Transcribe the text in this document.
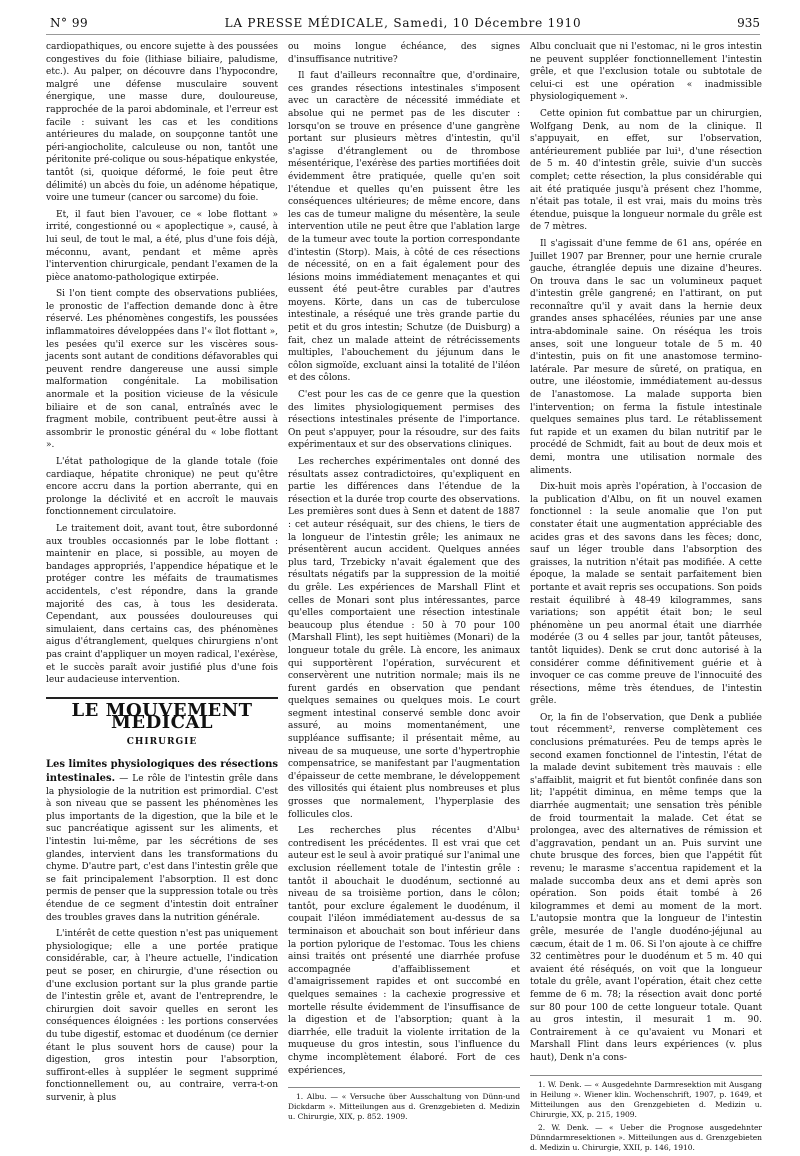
N° 99	LA PRESSE MÉDICALE, Samedi, 10 Décembre 1910	935

cardiopathiques, ou encore sujette à des poussées congestives du foie (lithiase biliaire, paludisme, etc.). Au palper, on découvre dans l'hypocondre, malgré une défense musculaire souvent énergique, une masse dure, douloureuse, rapprochée de la paroi abdominale, et l'erreur est facile : suivant les cas et les conditions antérieures du malade, on soupçonne tantôt une péri-angiocholite, calculeuse ou non, tantôt une péritonite pré-colique ou sous-hépatique enkystée, tantôt (si, quoique déformé, le foie peut être délimité) un abcès du foie, un adénome hépatique, voire une tumeur (cancer ou sarcome) du foie.

Et, il faut bien l'avouer, ce « lobe flottant » irrité, congestionné ou « apoplectique », causé, à lui seul, de tout le mal, a été, plus d'une fois déjà, méconnu, avant, pendant et même après l'intervention chirurgicale, pendant l'examen de la pièce anatomo-pathologique extirpée.

Si l'on tient compte des observations publiées, le pronostic de l'affection demande donc à être réservé. Les phénomènes congestifs, les poussées inflammatoires développées dans l'« îlot flottant », les pesées qu'il exerce sur les viscères sous-jacents sont autant de conditions défavorables qui peuvent rendre dangereuse une aussi simple malformation congénitale. La mobilisation anormale et la position vicieuse de la vésicule biliaire et de son canal, entraînés avec le fragment mobile, contribuent peut-être aussi à assombrir le pronostic général du « lobe flottant ».

L'état pathologique de la glande totale (foie cardiaque, hépatite chronique) ne peut qu'être encore accru dans la portion aberrante, qui en prolonge la déclivité et en accroît le mauvais fonctionnement circulatoire.

Le traitement doit, avant tout, être subordonné aux troubles occasionnés par le lobe flottant : maintenir en place, si possible, au moyen de bandages appropriés, l'appendice hépatique et le protéger contre les méfaits de traumatismes accidentels, c'est répondre, dans la grande majorité des cas, à tous les desiderata. Cependant, aux poussées douloureuses qui simulaient, dans certains cas, des phénomènes aigus d'étranglement, quelques chirurgiens n'ont pas craint d'appliquer un moyen radical, l'exérèse, et le succès paraît avoir justifié plus d'une fois leur audacieuse intervention.

LE MOUVEMENT MÉDICAL
CHIRURGIE

Les limites physiologiques des résections intestinales. — Le rôle de l'intestin grêle dans la physiologie de la nutrition est primordial. C'est à son niveau que se passent les phénomènes les plus importants de la digestion, que la bile et le suc pancréatique agissent sur les aliments, et l'intestin lui-même, par les sécrétions de ses glandes, intervient dans les transformations du chyme. D'autre part, c'est dans l'intestin grêle que se fait principalement l'absorption. Il est donc permis de penser que la suppression totale ou très étendue de ce segment d'intestin doit entraîner des troubles graves dans la nutrition générale.

L'intérêt de cette question n'est pas uniquement physiologique; elle a une portée pratique considérable, car, à l'heure actuelle, l'indication peut se poser, en chirurgie, d'une résection ou d'une exclusion portant sur la plus grande partie de l'intestin grêle et, avant de l'entreprendre, le chirurgien doit savoir quelles en seront les conséquences éloignées : les portions conservées du tube digestif, estomac et duodénum (ce dernier étant le plus souvent hors de cause) pour la digestion, gros intestin pour l'absorption, suffiront-elles à suppléer le segment supprimé fonctionnellement ou, au contraire, verra-t-on survenir, à plus

ou moins longue échéance, des signes d'insuffisance nutritive?

Il faut d'ailleurs reconnaître que, d'ordinaire, ces grandes résections intestinales s'imposent avec un caractère de nécessité immédiate et absolue qui ne permet pas de les discuter : lorsqu'on se trouve en présence d'une gangrène portant sur plusieurs mètres d'intestin, qu'il s'agisse d'étranglement ou de thrombose mésentérique, l'exérèse des parties mortifiées doit évidemment être pratiquée, quelle qu'en soit l'étendue et quelles qu'en puissent être les conséquences ultérieures; de même encore, dans les cas de tumeur maligne du mésentère, la seule intervention utile ne peut être que l'ablation large de la tumeur avec toute la portion correspondante d'intestin (Storp). Mais, à côté de ces résections de nécessité, on en a fait également pour des lésions moins immédiatement menaçantes et qui eussent été peut-être curables par d'autres moyens. Körte, dans un cas de tuberculose intestinale, a réséqué une très grande partie du petit et du gros intestin; Schutze (de Duisburg) a fait, chez un malade atteint de rétrécissements multiples, l'abouchement du jéjunum dans le côlon sigmoïde, excluant ainsi la totalité de l'iléon et des côlons.

C'est pour les cas de ce genre que la question des limites physiologiquement permises des résections intestinales présente de l'importance. On peut s'appuyer, pour la résoudre, sur des faits expérimentaux et sur des observations cliniques.

Les recherches expérimentales ont donné des résultats assez contradictoires, qu'expliquent en partie les différences dans l'étendue de la résection et la durée trop courte des observations. Les premières sont dues à Senn et datent de 1887 : cet auteur réséquait, sur des chiens, le tiers de la longueur de l'intestin grêle; les animaux ne présentèrent aucun accident. Quelques années plus tard, Trzebicky n'avait également que des résultats négatifs par la suppression de la moitié du grêle. Les expériences de Marshall Flint et celles de Monari sont plus intéressantes, parce qu'elles comportaient une résection intestinale beaucoup plus étendue : 50 à 70 pour 100 (Marshall Flint), les sept huitièmes (Monari) de la longueur totale du grêle. Là encore, les animaux qui supportèrent l'opération, survécurent et conservèrent une nutrition normale; mais ils ne furent gardés en observation que pendant quelques semaines ou quelques mois. Le court segment intestinal conservé semble donc avoir assuré, au moins momentanément, une suppléance suffisante; il présentait même, au niveau de sa muqueuse, une sorte d'hypertrophie compensatrice, se manifestant par l'augmentation d'épaisseur de cette membrane, le développement des villosités qui étaient plus nombreuses et plus grosses que normalement, l'hyperplasie des follicules clos.

Les recherches plus récentes d'Albu¹ contredisent les précédentes. Il est vrai que cet auteur est le seul à avoir pratiqué sur l'animal une exclusion réellement totale de l'intestin grêle : tantôt il abouchait le duodénum, sectionné au niveau de sa troisième portion, dans le côlon; tantôt, pour exclure également le duodénum, il coupait l'iléon immédiatement au-dessus de sa terminaison et abouchait son bout inférieur dans la portion pylorique de l'estomac. Tous les chiens ainsi traités ont présenté une diarrhée profuse accompagnée d'affaiblissement et d'amaigrissement rapides et ont succombé en quelques semaines : la cachexie progressive et mortelle résulte évidemment de l'insuffisance de la digestion et de l'absorption; quant à la diarrhée, elle traduit la violente irritation de la muqueuse du gros intestin, sous l'influence du chyme incomplètement élaboré. Fort de ces expériences,

1. Albu. — « Versuche über Ausschaltung von Dünn-und Dickdarm ». Mitteilungen aus d. Grenzgebieten d. Medizin u. Chirurgie, XIX, p. 852. 1909.

Albu concluait que ni l'estomac, ni le gros intestin ne peuvent suppléer fonctionnellement l'intestin grêle, et que l'exclusion totale ou subtotale de celui-ci est une opération « inadmissible physiologiquement ».

Cette opinion fut combattue par un chirurgien, Wolfgang Denk, au nom de la clinique. Il s'appuyait, en effet, sur l'observation, antérieurement publiée par lui¹, d'une résection de 5 m. 40 d'intestin grêle, suivie d'un succès complet; cette résection, la plus considérable qui ait été pratiquée jusqu'à présent chez l'homme, n'était pas totale, il est vrai, mais du moins très étendue, puisque la longueur normale du grêle est de 7 mètres.

Il s'agissait d'une femme de 61 ans, opérée en Juillet 1907 par Brenner, pour une hernie crurale gauche, étranglée depuis une dizaine d'heures. On trouva dans le sac un volumineux paquet d'intestin grêle gangrené; en l'attirant, on put reconnaître qu'il y avait dans la hernie deux grandes anses sphacélées, réunies par une anse intra-abdominale saine. On réséqua les trois anses, soit une longueur totale de 5 m. 40 d'intestin, puis on fit une anastomose termino-latérale. Par mesure de sûreté, on pratiqua, en outre, une iléostomie, immédiatement au-dessus de l'anastomose. La malade supporta bien l'intervention; on ferma la fistule intestinale quelques semaines plus tard. Le rétablissement fut rapide et un examen du bilan nutritif par le procédé de Schmidt, fait au bout de deux mois et demi, montra une utilisation normale des aliments.

Dix-huit mois après l'opération, à l'occasion de la publication d'Albu, on fit un nouvel examen fonctionnel : la seule anomalie que l'on put constater était une augmentation appréciable des acides gras et des savons dans les fèces; donc, sauf un léger trouble dans l'absorption des graisses, la nutrition n'était pas modifiée. A cette époque, la malade se sentait parfaitement bien portante et avait repris ses occupations. Son poids restait équilibré à 48-49 kilogrammes, sans variations; son appétit était bon; le seul phénomène un peu anormal était une diarrhée modérée (3 ou 4 selles par jour, tantôt pâteuses, tantôt liquides). Denk se crut donc autorisé à la considérer comme définitivement guérie et à invoquer ce cas comme preuve de l'innocuité des résections, même très étendues, de l'intestin grêle.

Or, la fin de l'observation, que Denk a publiée tout récemment², renverse complètement ces conclusions prématurées. Peu de temps après le second examen fonctionnel de l'intestin, l'état de la malade devint subitement très mauvais : elle s'affaiblit, maigrit et fut bientôt confinée dans son lit; l'appétit diminua, en même temps que la diarrhée augmentait; une sensation très pénible de froid tourmentait la malade. Cet état se prolongea, avec des alternatives de rémission et d'aggravation, pendant un an. Puis survint une chute brusque des forces, bien que l'appétit fût revenu; le marasme s'accentua rapidement et la malade succomba deux ans et demi après son opération. Son poids était tombé à 26 kilogrammes et demi au moment de la mort. L'autopsie montra que la longueur de l'intestin grêle, mesurée de l'angle duodéno-jéjunal au cæcum, était de 1 m. 06. Si l'on ajoute à ce chiffre 32 centimètres pour le duodénum et 5 m. 40 qui avaient été réséqués, on voit que la longueur totale du grêle, avant l'opération, était chez cette femme de 6 m. 78; la résection avait donc porté sur 80 pour 100 de cette longueur totale. Quant au gros intestin, il mesurait 1 m. 90. Contrairement à ce qu'avaient vu Monari et Marshall Flint dans leurs expériences (v. plus haut), Denk n'a cons-

1. W. Denk. — « Ausgedehnte Darmresektion mit Ausgang in Heilung ». Wiener klin. Wochenschrift, 1907, p. 1649, et Mitteilungen aus den Grenzgebieten d. Medizin u. Chirurgie, XX, p. 215, 1909.

2. W. Denk. — « Ueber die Prognose ausgedehnter Dünndarmresektionen ». Mitteilungen aus d. Grenzgebieten d. Medizin u. Chirurgie, XXII, p. 146, 1910.
